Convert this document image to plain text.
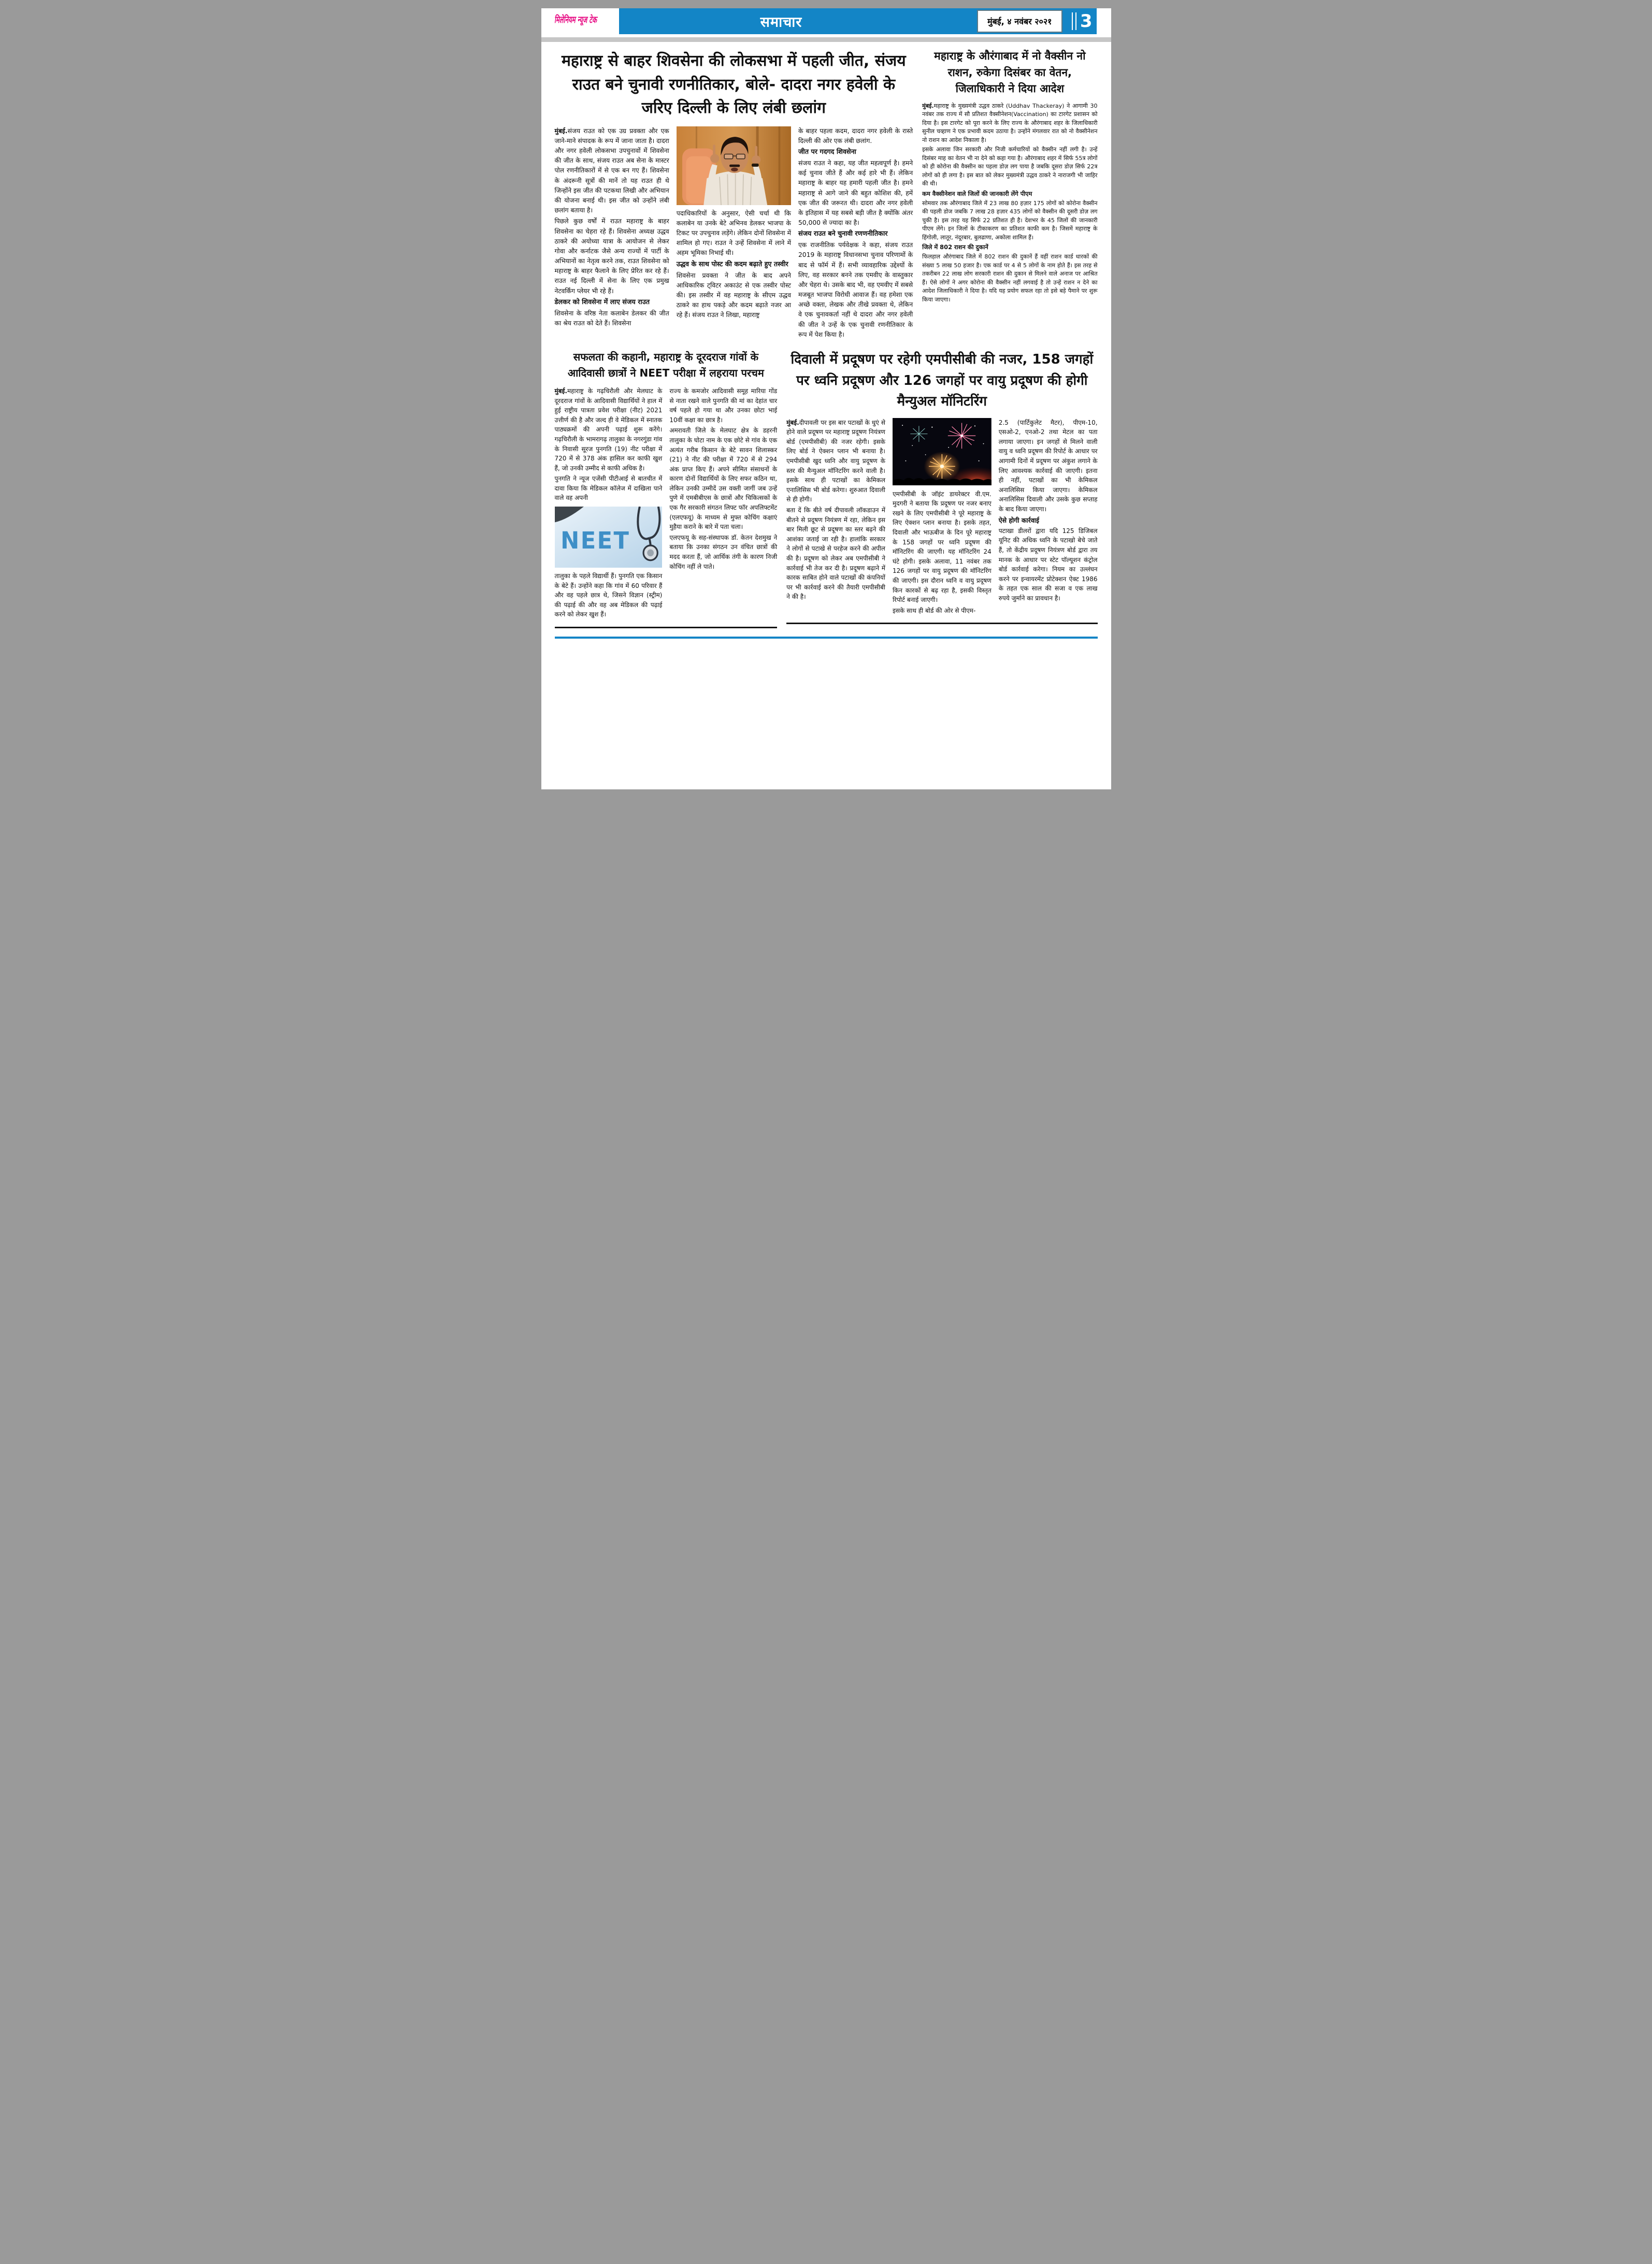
मिलेनियम न्यूज टेक	समाचार	मुंबई, ४ नवंबर २०२१	3
महाराष्ट्र से बाहर शिवसेना की लोकसभा में पहली जीत, संजय राउत बने चुनावी रणनीतिकार, बोले- दादरा नगर हवेली के जरिए दिल्ली के लिए लंबी छलांग

मुंबई.संजय राउत को एक उग्र प्रवक्ता और एक जाने-माने संपादक के रूप में जाना जाता है। दादरा और नगर हवेली लोकसभा उपचुनावों में शिवसेना की जीत के साथ, संजय राउत अब सेना के मास्टर पोल रणनीतिकारों में से एक बन गए हैं। शिवसेना के अंदरूनी सूत्रों की मानें तो यह राउत ही थे जिन्होंने इस जीत की पटकथा लिखी और अभियान की योजना बनाई थी। इस जीत को उन्होंने लंबी छलांग बताया है।

पिछले कुछ वर्षों में राउत महाराष्ट्र के बाहर शिवसेना का चेहरा रहे हैं। शिवसेना अध्यक्ष उद्धव ठाकरे की अयोध्या यात्रा के आयोजन से लेकर गोवा और कर्नाटक जैसे अन्य राज्यों में पार्टी के अभियानों का नेतृत्व करने तक, राउत शिवसेना को महाराष्ट्र के बाहर फैलाने के लिए प्रेरित कर रहे हैं। राउत नई दिल्ली में सेना के लिए एक प्रमुख नेटवर्किंग प्लेयर भी रहे हैं।

डेलकर को शिवसेना में लाए संजय राउत

शिवसेना के वरिष्ठ नेता कलाबेन डेलकर की जीत का श्रेय राउत को देते हैं। शिवसेना

पदाधिकारियों के अनुसार, ऐसी चर्चा थी कि कलाबेन या उनके बेटे अभिनव डेलकर भाजपा के टिकट पर उपचुनाव लड़ेंगे। लेकिन दोनों शिवसेना में शामिल हो गए। राउत ने उन्हें शिवसेना में लाने में अहम भूमिका निभाई थी।

उद्धव के साथ पोस्ट की कदम बढ़ाते हुए तस्वीर

शिवसेना प्रवक्ता ने जीत के बाद अपने आधिकारिक ट्विटर अकाउंट से एक तस्वीर पोस्ट की। इस तस्वीर में वह महाराष्ट्र के सीएम उद्धव ठाकरे का हाथ पकड़े और कदम बढ़ाते नजर आ रहे हैं। संजय राउत ने लिखा, महाराष्ट्र

के बाहर पहला कदम, दादरा नगर हवेली के रास्ते दिल्ली की ओर एक लंबी छलांग.

जीत पर गदगद शिवसेना

संजय राउत ने कहा, यह जीत महत्वपूर्ण है। हमने कई चुनाव जीते हैं और कई हारे भी हैं। लेकिन महाराष्ट्र के बाहर यह हमारी पहली जीत है। हमने महाराष्ट्र से आगे जाने की बहुत कोशिश की, हमें एक जीत की जरूरत थी। दादरा और नगर हवेली के इतिहास में यह सबसे बड़ी जीत है क्योंकि अंतर 50,000 से ज्यादा का है।

संजय राउत बने चुनावी रणणनीतिकार

एक राजनीतिक पर्यवेक्षक ने कहा, संजय राउत 2019 के महाराष्ट्र विधानसभा चुनाव परिणामों के बाद से फॉर्म में हैं। सभी व्यावहारिक उद्देश्यों के लिए, वह सरकार बनने तक एमवीए के वास्तुकार और चेहरा थे। उसके बाद भी, वह एमवीए में सबसे मजबूत भाजपा विरोधी आवाज हैं। वह हमेशा एक अच्छे वक्ता, लेखक और तीखे प्रवक्ता थे, लेकिन वे एक चुनावकर्ता नहीं थे दादरा और नगर हवेली की जीत ने उन्हें के एक चुनावी रणनीतिकार के रूप में पेश किया है।

महाराष्ट्र के औरंगाबाद में नो वैक्सीन नो राशन, रुकेगा दिसंबर का वेतन, जिलाधिकारी ने दिया आदेश

मुंबई.महाराष्ट्र के मुख्यमंत्री उद्धव ठाकरे (Uddhav Thackeray) ने आगामी 30 नवंबर तक राज्य में सौ प्रतिशत वैक्सीनेशन(Vaccination) का टारगेट प्रशासन को दिया है। इस टारगेट को पूरा करने के लिए राज्य के औरंगाबाद शहर के जिलाधिकारी सुनील चव्हाण ने एक प्रभावी कदम उठाया है। उन्होंने मंगलवार रात को नो वैक्सीनेशन नो राशन का आदेश निकाला है।

इसके अलावा जिन सरकारी और निजी कर्मचारियों को वैक्सीन नहीं लगी है। उन्हें दिसंबर माह का वेतन भी ना देने को कहा गया है। औरंगाबाद शहर में सिर्फ 55त्र लोगों को ही कोरोना की वैक्सीन का पहला डोज़ लग पाया है जबकि दूसरा डोज़ सिर्फ 22त्र लोगों को ही लगा है। इस बात को लेकर मुख्यमंत्री उद्धव ठाकरे ने नाराजगी भी जाहिर की थी।

कम वैक्सीनेशन वाले जिलों की जानकारी लेंगे पीएम

सोमवार तक औरंगाबाद जिले में 23 लाख 80 हज़ार 175 लोगों को कोरोना वैक्सीन की पहली डोज जबकि 7 लाख 28 हज़ार 435 लोगों को वैक्सीन की दूसरी डोज़ लग चुकी है। इस तरह यह सिर्फ 22 प्रतिशत ही है। देशभर के 45 जिलों की जानकारी पीएम लेंगे। इन जिलों के टीकाकरण का प्रतिशत काफी कम है। जिसमें महाराष्ट्र के हिंगोली, लातूर, नंदूरबार, बुलढाणा, अकोला शामिल हैं।

जिले में 802 राशन की दुकानें

फिलहाल औरंगाबाद जिले में 802 राशन की दुकानें हैं वहीं राशन कार्ड धारकों की संख्या 5 लाख 50 हजार है। एक कार्ड पर 4 से 5 लोगों के नाम होते हैं। इस तरह से तकरीबन 22 लाख लोग सरकारी राशन की दुकान से मिलने वाले अनाज पर आश्रित हैं। ऐसे लोगों ने अगर कोरोना की वैक्सीन नहीं लगवाई है तो उन्हें राशन न देने का आदेश जिलाधिकारी ने दिया है। यदि यह प्रयोग सफल रहा तो इसे बड़े पैमाने पर शुरू किया जाएगा।

सफलता की कहानी, महाराष्ट्र के दूरदराज गांवों के आदिवासी छात्रों ने NEET परीक्षा में लहराया परचम

मुंबई.महाराष्ट्र के गढ़चिरौली और मेलघाट के दूरदराज गांवों के आदिवासी विद्यार्थियों ने हाल में हुई राष्ट्रीय पात्रता प्रवेश परीक्षा (नीट) 2021 उत्तीर्ण की है और जल्द ही वे मेडिकल में स्नातक पाठ्यक्रमों की अपनी पढ़ाई शुरू करेंगे। गढ़चिरौली के भामरागढ़ तालुका के नगरगुंडा गांव के निवासी सूरज पुनगति (19) नीट परीक्षा में 720 में से 378 अंक हासिल कर काफी खुश हैं, जो उनकी उम्मीद से काफी अधिक है।

पुनगति ने न्यूज एजेंसी पीटीआई से बातचीत में दावा किया कि मेडिकल कॉलेज में दाखिला पाने वाले वह अपनी

NEET

तालुका के पहले विद्यार्थी हैं। पुनगति एक किसान के बेटे हैं। उन्होंने कहा कि गांव में 60 परिवार हैं और वह पहले छात्र थे, जिसने विज्ञान (स्ट्रीम) की पढ़ाई की और वह अब मेडिकल की पढ़ाई करने को लेकर खुश हैं।

राज्य के कमजोर आदिवासी समूह मारिया गोंड से नाता रखने वाले पुनगति की मां का देहांत चार वर्ष पहले हो गया था और उनका छोटा भाई 10वीं कक्षा का छात्र है।

अमरावती जिले के मेलघाट क्षेत्र के डहरनी तालुका के घोटा नाम के एक छोटे से गांव के एक अत्यंत गरीब किसान के बेटे सावन शिलास्कर (21) ने नीट की परीक्षा में 720 में से 294 अंक प्राप्त किए हैं। अपने सीमित संसाधनों के कारण दोनों विद्यार्थियों के लिए सफर कठिन था, लेकिन उनकी उम्मीदें उस वक्ती जागीं जब उन्हें पुणे में एमबीबीएस के छात्रों और चिकित्सकों के एक गैर सरकारी संगठन लिफ्ट फॉर अपलिफ्टमेंट (एलएफयू) के माध्यम से मुफ्त कोचिंग कक्षाएं मुहैया कराने के बारे में पता चला।

एलएफयू के सह-संस्थापक डॉ. केतन देशमुख ने बताया कि उनका संगठन उन वंचित छात्रों की मदद करता हैं, जो आर्थिक तंगी के कारण निजी कोचिंग नहीं ले पाते।

दिवाली में प्रदूषण पर रहेगी एमपीसीबी की नजर, 158 जगहों पर ध्वनि प्रदूषण और 126 जगहों पर वायु प्रदूषण की होगी मैन्युअल मॉनिटरिंग

मुंबई.दीपावली पर इस बार पटाखों के धुएं से होने वाले प्रदूषण पर महाराष्ट्र प्रदूषण नियंत्रण बोर्ड (एमपीसीबी) की नजर रहेगी। इसके लिए बोर्ड ने ऐक्शन प्लान भी बनाया है। एमपीसीबी खुद ध्वनि और वायु प्रदूषण के स्तर की मैन्युअल मॉनिटरिंग करने वाली है। इसके साथ ही पटाखों का केमिकल एनालिसिस भी बोर्ड करेगा। शुरुआत दिवाली से ही होगी।

बता दें कि बीते वर्ष दीपावली लॉकडाउन में बीतने से प्रदूषण नियंत्रण में रहा, लेकिन इस बार मिली छूट से प्रदूषण का स्तर बढ़ने की आशंका जताई जा रही है। हालांकि सरकार ने लोगों से पटाखे से परहेज करने की अपील की है। प्रदूषण को लेकर अब एमपीसीबी ने कार्रवाई भी तेज कर दी है। प्रदूषण बढ़ाने में कारक साबित होने वाले पटाखों की कंपनियों पर भी कार्रवाई करने की तैयारी एमपीसीबी ने की है।

एमपीसीबी के जॉइंट डायरेक्टर वी.एम. मुदगरी ने बताया कि प्रदूषण पर नजर बनाए रखने के लिए एमपीसीबी ने पूरे महाराष्ट्र के लिए ऐक्शन प्लान बनाया है। इसके तहत, दिवाली और भाऊबीज के दिन पूरे महाराष्ट्र के 158 जगहों पर ध्वनि प्रदूषण की मॉनिटरिंग की जाएगी। यह मॉनिटरिंग 24 घंटे होगी। इसके अलावा, 11 नवंबर तक 126 जगहों पर वायु प्रदूषण की मॉनिटरिंग की जाएगी। इस दौरान ध्वनि व वायु प्रदूषण किन कारकों से बढ़ रहा है, इसकी विस्तृत रिपोर्ट बनाई जाएगी।

इसके साथ ही बोर्ड की ओर से पीएम-

2.5 (पार्टिकुलेट मैटर), पीएम-10, एसओ-2, एनओ-2 तथा मेटल का पता लगाया जाएगा। इन जगहों से मिलने वाली वायु व ध्वनि प्रदूषण की रिपोर्ट के आधार पर आगामी दिनों में प्रदूषण पर अंकुश लगाने के लिए आवश्यक कार्रवाई की जाएगी। इतना ही नहीं, पटाखों का भी केमिकल अनालिसिस किया जाएगा। केमिकल अनालिसिस दिवाली और उसके कुछ सप्ताह के बाद किया जाएगा।

ऐसे होगी कार्रवाई

पटाखा डीलरों द्वारा यदि 125 डिजिबल यूनिट की अधिक ध्वनि के पटाखो बेचे जाते हैं, तो केंद्रीय प्रदूषण नियंत्रण बोर्ड द्वारा तय मानक के आधार पर स्टेट पॉल्यूशन कंट्रोल बोर्ड कार्रवाई करेगा। नियम का उल्लंघन करने पर इन्वायरमेंट प्रोटेक्शन ऐक्ट 1986 के तहत एक साल की सजा व एक लाख रुपये जुर्माने का प्रावधान है।
